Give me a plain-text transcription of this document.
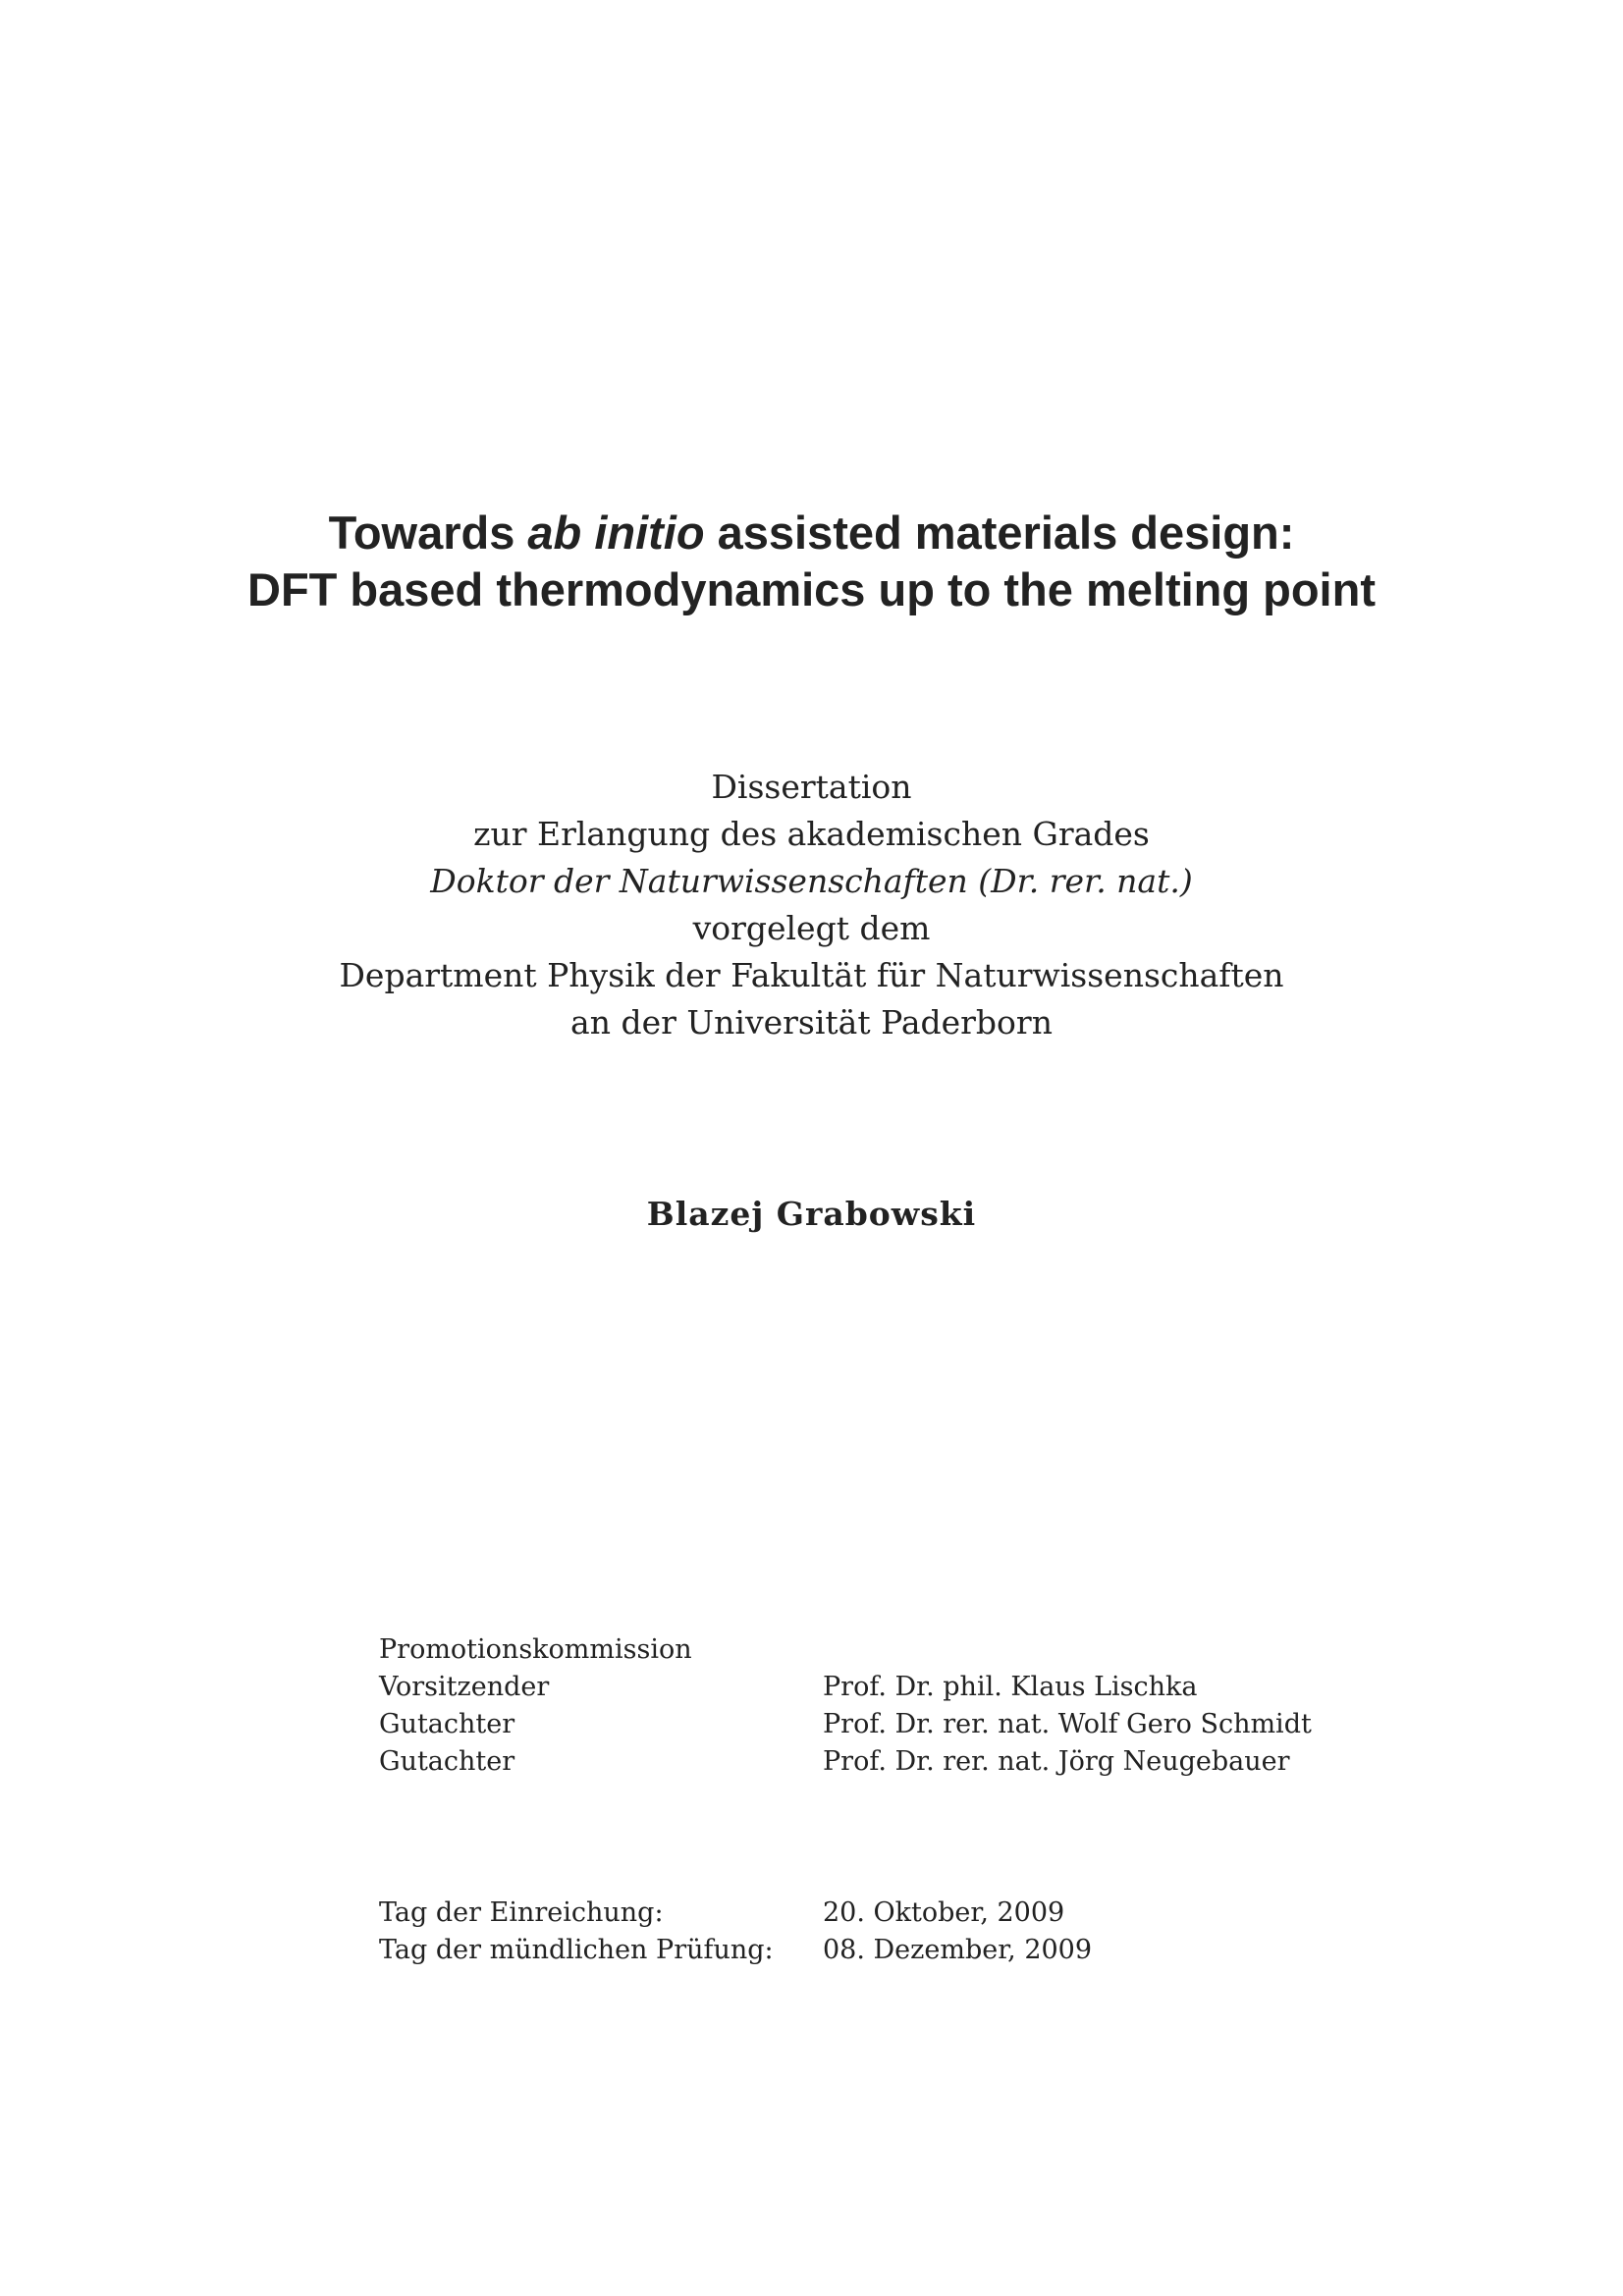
Towards ab initio assisted materials design:
DFT based thermodynamics up to the melting point
Dissertation
zur Erlangung des akademischen Grades
Doktor der Naturwissenschaften (Dr. rer. nat.)
vorgelegt dem
Department Physik der Fakultät für Naturwissenschaften
an der Universität Paderborn
Blazej Grabowski
Promotionskommission
Vorsitzender	Prof. Dr. phil. Klaus Lischka
Gutachter	Prof. Dr. rer. nat. Wolf Gero Schmidt
Gutachter	Prof. Dr. rer. nat. Jörg Neugebauer
Tag der Einreichung:	20. Oktober, 2009
Tag der mündlichen Prüfung:	08. Dezember, 2009
